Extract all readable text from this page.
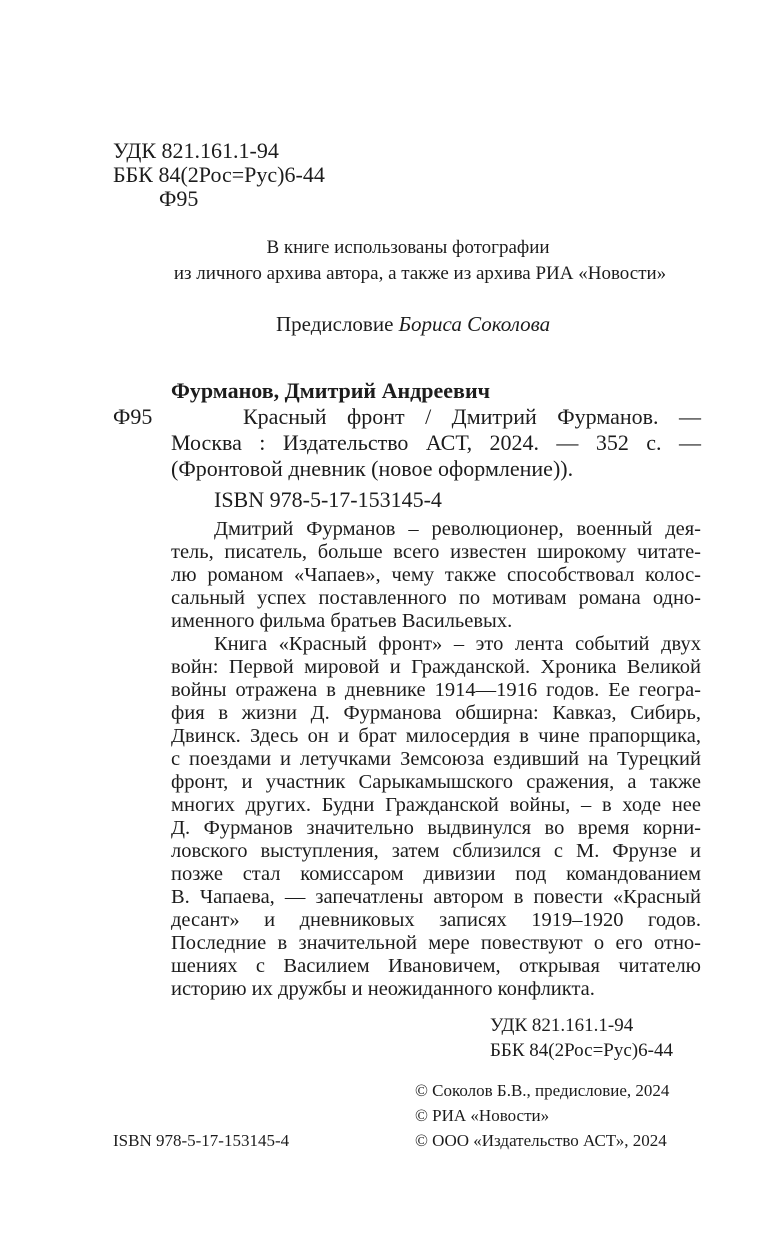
УДК 821.161.1-94
ББК 84(2Рос=Рус)6-44
Ф95
В книге использованы фотографии
из личного архива автора, а также из архива РИА «Новости»
Предисловие Бориса Соколова
Фурманов, Дмитрий Андреевич
Ф95	Красный фронт / Дмитрий Фурманов. —
Москва : Издательство АСТ, 2024. — 352 с. —
(Фронтовой дневник (новое оформление)).
ISBN 978-5-17-153145-4
Дмитрий Фурманов – революционер, военный дея-
тель, писатель, больше всего известен широкому читате-
лю романом «Чапаев», чему также способствовал колос-
сальный успех поставленного по мотивам романа одно-
именного фильма братьев Васильевых.
Книга «Красный фронт» – это лента событий двух
войн: Первой мировой и Гражданской. Хроника Великой
войны отражена в дневнике 1914—1916 годов. Ее геогра-
фия в жизни Д. Фурманова обширна: Кавказ, Сибирь,
Двинск. Здесь он и брат милосердия в чине прапорщика,
с поездами и летучками Земсоюза ездивший на Турецкий
фронт, и участник Сарыкамышского сражения, а также
многих других. Будни Гражданской войны, – в ходе нее
Д. Фурманов значительно выдвинулся во время корни-
ловского выступления, затем сблизился с М. Фрунзе и
позже стал комиссаром дивизии под командованием
В. Чапаева, — запечатлены автором в повести «Красный
десант» и дневниковых записях 1919–1920 годов.
Последние в значительной мере повествуют о его отно-
шениях с Василием Ивановичем, открывая читателю
историю их дружбы и неожиданного конфликта.
УДК 821.161.1-94
ББК 84(2Рос=Рус)6-44
ISBN 978-5-17-153145-4
© Соколов Б.В., предисловие, 2024
© РИА «Новости»
© ООО «Издательство АСТ», 2024
